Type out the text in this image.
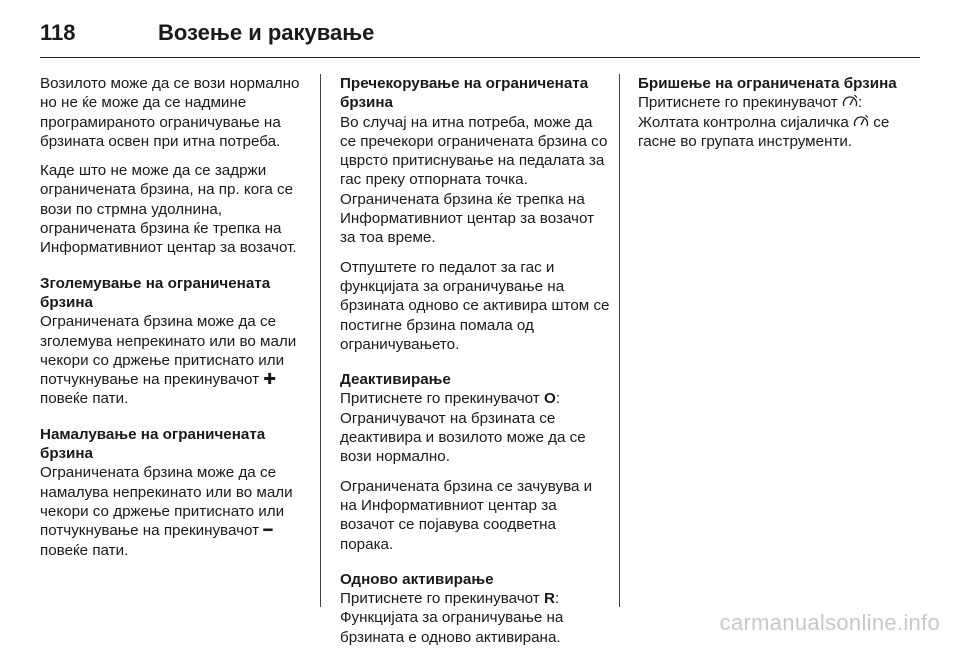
118	Возење и ракување

Возилото може да се вози нормално но не ќе може да се надмине програмираното ограничување на брзината освен при итна потреба.

Каде што не може да се задржи ограничената брзина, на пр. кога се вози по стрмна удолнина, ограничената брзина ќе трепка на Информативниот центар за возачот.

Зголемување на ограничената брзина
Ограничената брзина може да се зголемува непрекинато или во мали чекори со држење притиснато или потчукнување на прекинувачот ✚ повеќе пати.

Намалување на ограничената брзина
Ограничената брзина може да се намалува непрекинато или во мали чекори со држење притиснато или потчукнување на прекинувачот ━ повеќе пати.

Пречекорување на ограничената брзина
Во случај на итна потреба, може да се пречекори ограничената брзина со цврсто притиснување на педалата за гас преку отпорната точка. Ограничената брзина ќе трепка на Информативниот центар за возачот за тоа време.

Отпуштете го педалот за гас и функцијата за ограничување на брзината одново се активира штом се постигне брзина помала од ограничувањето.

Деактивирање
Притиснете го прекинувачот O: Ограничувачот на брзината се деактивира и возилото може да се вози нормално.

Ограничената брзина се зачувува и на Информативниот центар за возачот се појавува соодветна порака.

Одново активирање
Притиснете го прекинувачот R: Функцијата за ограничување на брзината е одново активирана.

Бришење на ограничената брзина
Притиснете го прекинувачот : Жолтата контролна сијаличка  се гасне во групата инструменти.

carmanualsonline.info
